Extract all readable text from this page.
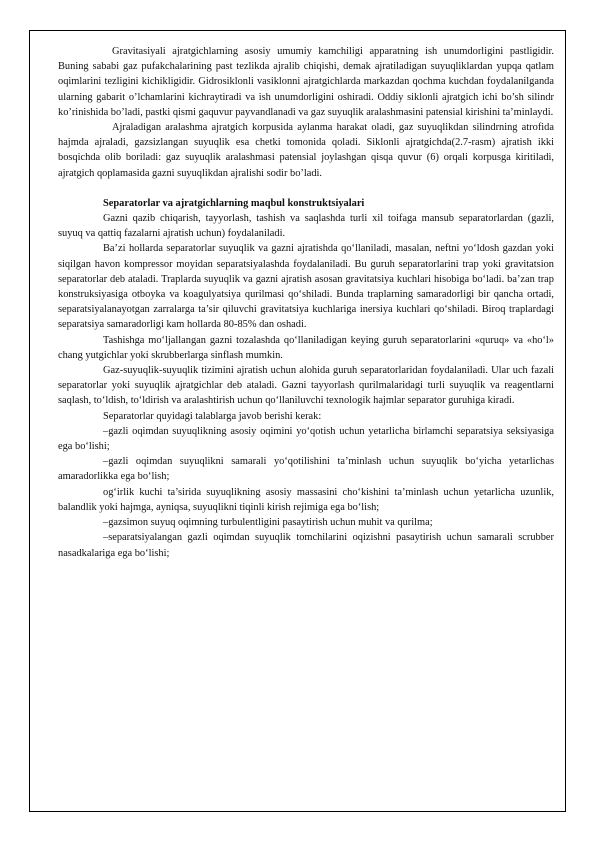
Gravitasiyali ajratgichlarning asosiy umumiy kamchiligi apparatning ish unumdorligini pastligidir. Buning sababi gaz pufakchalarining past tezlikda ajralib chiqishi, demak ajratiladigan suyuqliklardan yupqa qatlam oqimlarini tezligini kichikligidir. Gidrosiklonli vasiklonni ajratgichlarda markazdan qochma kuchdan foydalanilganda ularning gabarit o’lchamlarini kichraytiradi va ish unumdorligini oshiradi. Oddiy siklonli ajratgich ichi bo’sh silindr ko’rinishida bo’ladi, pastki qismi gaquvur payvandlanadi va gaz suyuqlik aralashmasini patensial kirishini ta’minlaydi.

Ajraladigan aralashma ajratgich korpusida aylanma harakat oladi, gaz suyuqlikdan silindrning atrofida hajmda ajraladi, gazsizlangan suyuqlik esa chetki tomonida qoladi. Siklonli ajratgichda(2.7-rasm) ajratish ikki bosqichda olib boriladi: gaz suyuqlik aralashmasi patensial joylashgan qisqa quvur (6) orqali korpusga kiritiladi, ajratgich qoplamasida gazni suyuqlikdan ajralishi sodir bo’ladi.

Separatorlar va ajratgichlarning maqbul konstruktsiyalari

Gazni qazib chiqarish, tayyorlash, tashish va saqlashda turli xil toifaga mansub separatorlardan (gazli, suyuq va qattiq fazalarni ajratish uchun) foydalaniladi.

Ba’zi hollarda separatorlar suyuqlik va gazni ajratishda qo‘llaniladi, masalan, neftni yo‘ldosh gazdan yoki siqilgan havon kompressor moyidan separatsiyalashda foydalaniladi. Bu guruh separatorlarini trap yoki gravitatsion separatorlar deb ataladi. Traplarda suyuqlik va gazni ajratish asosan gravitatsiya kuchlari hisobiga bo‘ladi. ba’zan trap konstruksiyasiga otboyka va koagulyatsiya qurilmasi qo‘shiladi. Bunda traplarning samaradorligi bir qancha ortadi, separatsiyalanayotgan zarralarga ta’sir qiluvchi gravitatsiya kuchlariga inersiya kuchlari qo‘shiladi. Biroq traplardagi separatsiya samaradorligi kam hollarda 80-85% dan oshadi.

Tashishga mo‘ljallangan gazni tozalashda qo‘llaniladigan keying guruh separatorlarini «quruq» va «ho‘l» chang yutgichlar yoki skrubberlarga sinflash mumkin.

Gaz-suyuqlik-suyuqlik tizimini ajratish uchun alohida guruh separatorlaridan foydalaniladi. Ular uch fazali separatorlar yoki suyuqlik ajratgichlar deb ataladi. Gazni tayyorlash qurilmalaridagi turli suyuqlik va reagentlarni saqlash, to‘ldish, to‘ldirish va aralashtirish uchun qo‘llaniluvchi texnologik hajmlar separator guruhiga kiradi.

Separatorlar quyidagi talablarga javob berishi kerak:

–gazli oqimdan suyuqlikning asosiy oqimini yo‘qotish uchun yetarlicha birlamchi separatsiya seksiyasiga ega bo‘lishi;

–gazli oqimdan suyuqlikni samarali yo‘qotilishini ta’minlash uchun suyuqlik bo‘yicha yetarlichas amaradorlikka ega bo‘lish;

og‘irlik kuchi ta’sirida suyuqlikning asosiy massasini cho‘kishini ta’minlash uchun yetarlicha uzunlik, balandlik yoki hajmga, ayniqsa, suyuqlikni tiqinli kirish rejimiga ega bo‘lish;

–gazsimon suyuq oqimning turbulentligini pasaytirish uchun muhit va qurilma;

–separatsiyalangan gazli oqimdan suyuqlik tomchilarini oqizishni pasaytirish uchun samarali scrubber nasadkalariga ega bo‘lishi;
